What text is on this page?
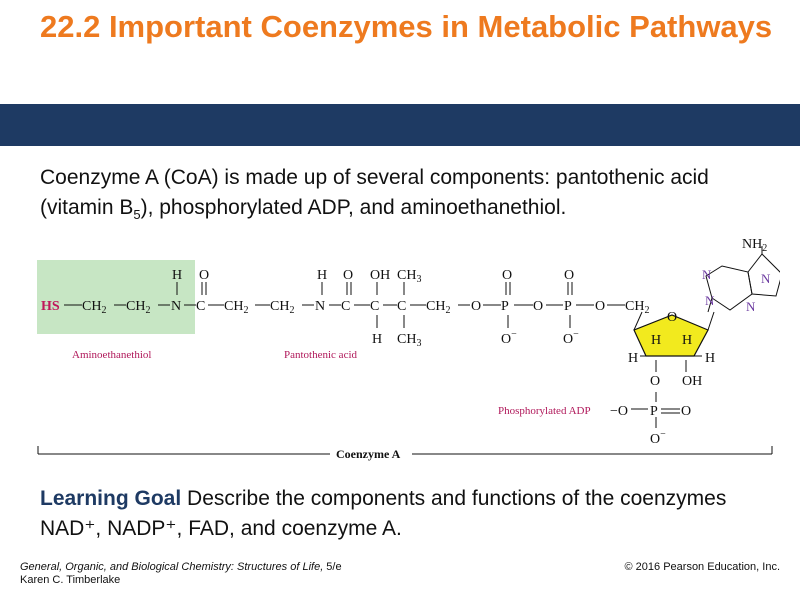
22.2 Important Coenzymes in Metabolic Pathways

Coenzyme A (CoA) is made up of several components: pantothenic acid (vitamin $B_5$), phosphorylated ADP, and aminoethanethiol.

HS $CH_2$ $CH_2$ N C $CH_2$ $CH_2$ N C C C $CH_2$ O P O P O $CH_2$
H O	H O OH $CH_3$	O	O
H $CH_3$	O−	O−
O
H H
H	H
O OH
−O P O
O−
N
N
N
N
$NH_2$
Aminoethanethiol	Pantothenic acid
Phosphorylated ADP
Coenzyme A

Learning Goal Describe the components and functions of the coenzymes NAD⁺, NADP⁺, FAD, and coenzyme A.

General, Organic, and Biological Chemistry: Structures of Life, 5/e
Karen C. Timberlake
© 2016 Pearson Education, Inc.
